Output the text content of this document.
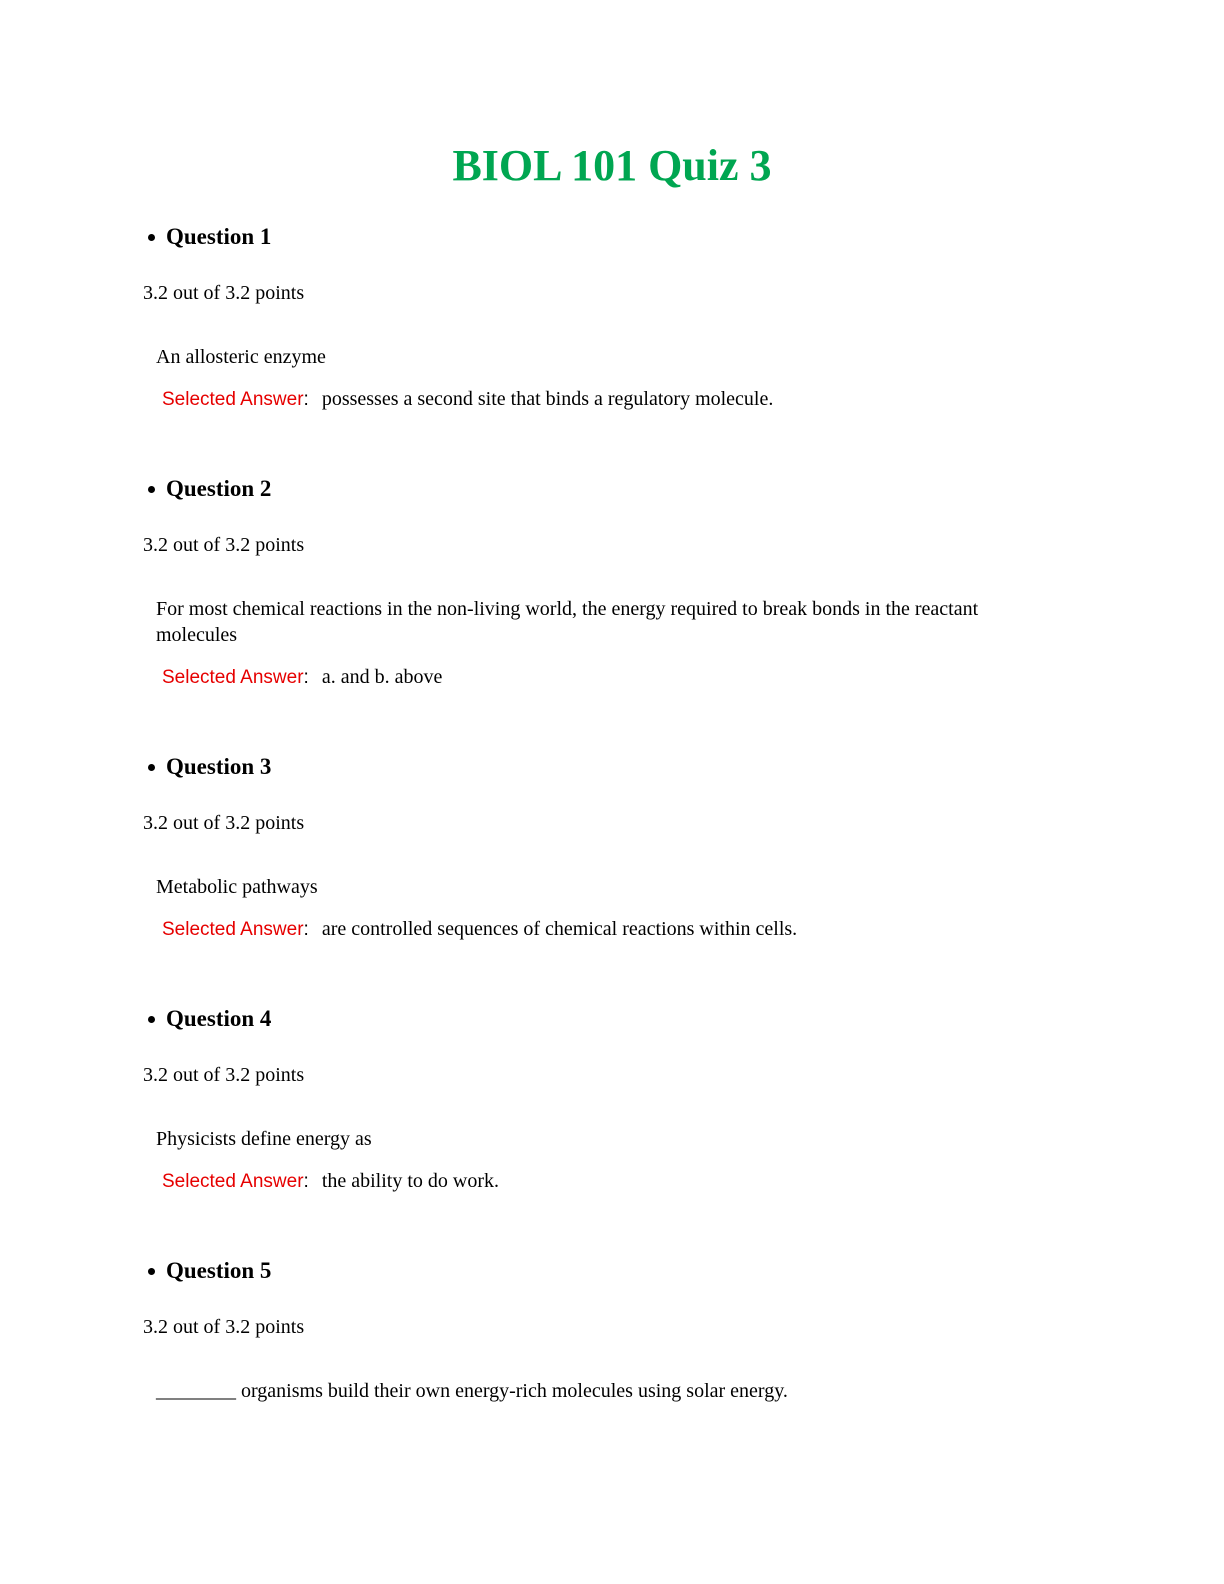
BIOL 101 Quiz 3
Question 1
3.2 out of 3.2 points
An allosteric enzyme
Selected Answer : possesses a second site that binds a regulatory molecule.
Question 2
3.2 out of 3.2 points
For most chemical reactions in the non-living world, the energy required to break bonds in the reactant molecules
Selected Answer : a. and b. above
Question 3
3.2 out of 3.2 points
Metabolic pathways
Selected Answer : are controlled sequences of chemical reactions within cells.
Question 4
3.2 out of 3.2 points
Physicists define energy as
Selected Answer : the ability to do work.
Question 5
3.2 out of 3.2 points
________ organisms build their own energy-rich molecules using solar energy.
